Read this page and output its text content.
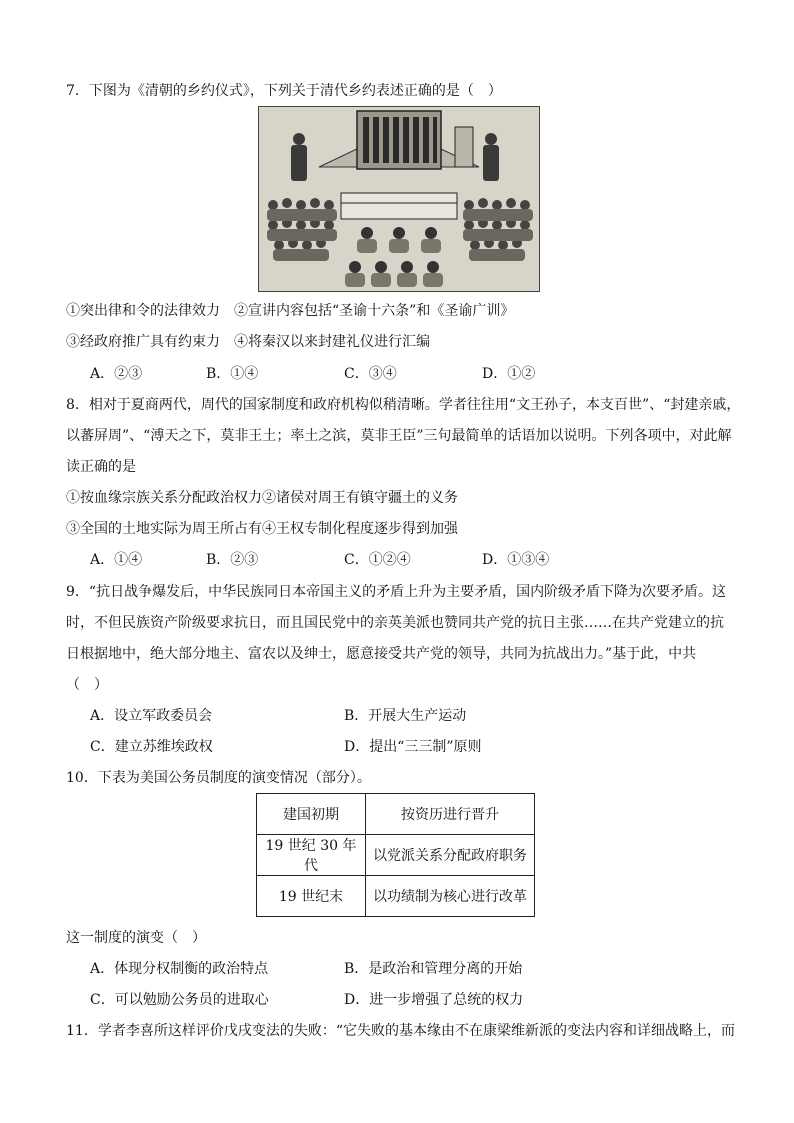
7．下图为《清朝的乡约仪式》，下列关于清代乡约表述正确的是（　）
①突出律和令的法律效力　②宣讲内容包括“圣谕十六条”和《圣谕广训》
③经政府推广具有约束力　④将秦汉以来封建礼仪进行汇编
A．②③	B．①④	C．③④	D．①②
8．相对于夏商两代，周代的国家制度和政府机构似稍清晰。学者往往用“文王孙子，本支百世”、“封建亲戚，
以蕃屏周”、“溥天之下，莫非王土；率土之滨，莫非王臣”三句最简单的话语加以说明。下列各项中，对此解
读正确的是
①按血缘宗族关系分配政治权力②诸侯对周王有镇守疆土的义务
③全国的土地实际为周王所占有④王权专制化程度逐步得到加强
A．①④	B．②③	C．①②④	D．①③④
9．“抗日战争爆发后，中华民族同日本帝国主义的矛盾上升为主要矛盾，国内阶级矛盾下降为次要矛盾。这
时，不但民族资产阶级要求抗日，而且国民党中的亲英美派也赞同共产党的抗日主张……在共产党建立的抗
日根据地中，绝大部分地主、富农以及绅士，愿意接受共产党的领导，共同为抗战出力。”基于此，中共
（　）
A．设立军政委员会	B．开展大生产运动
C．建立苏维埃政权	D．提出“三三制”原则
10．下表为美国公务员制度的演变情况（部分）。
建国初期	按资历进行晋升
19 世纪 30 年代	以党派关系分配政府职务
19 世纪末	以功绩制为核心进行改革
这一制度的演变（　）
A．体现分权制衡的政治特点	B．是政治和管理分离的开始
C．可以勉励公务员的进取心	D．进一步增强了总统的权力
11．学者李喜所这样评价戊戌变法的失败：“它失败的基本缘由不在康梁维新派的变法内容和详细战略上，而
